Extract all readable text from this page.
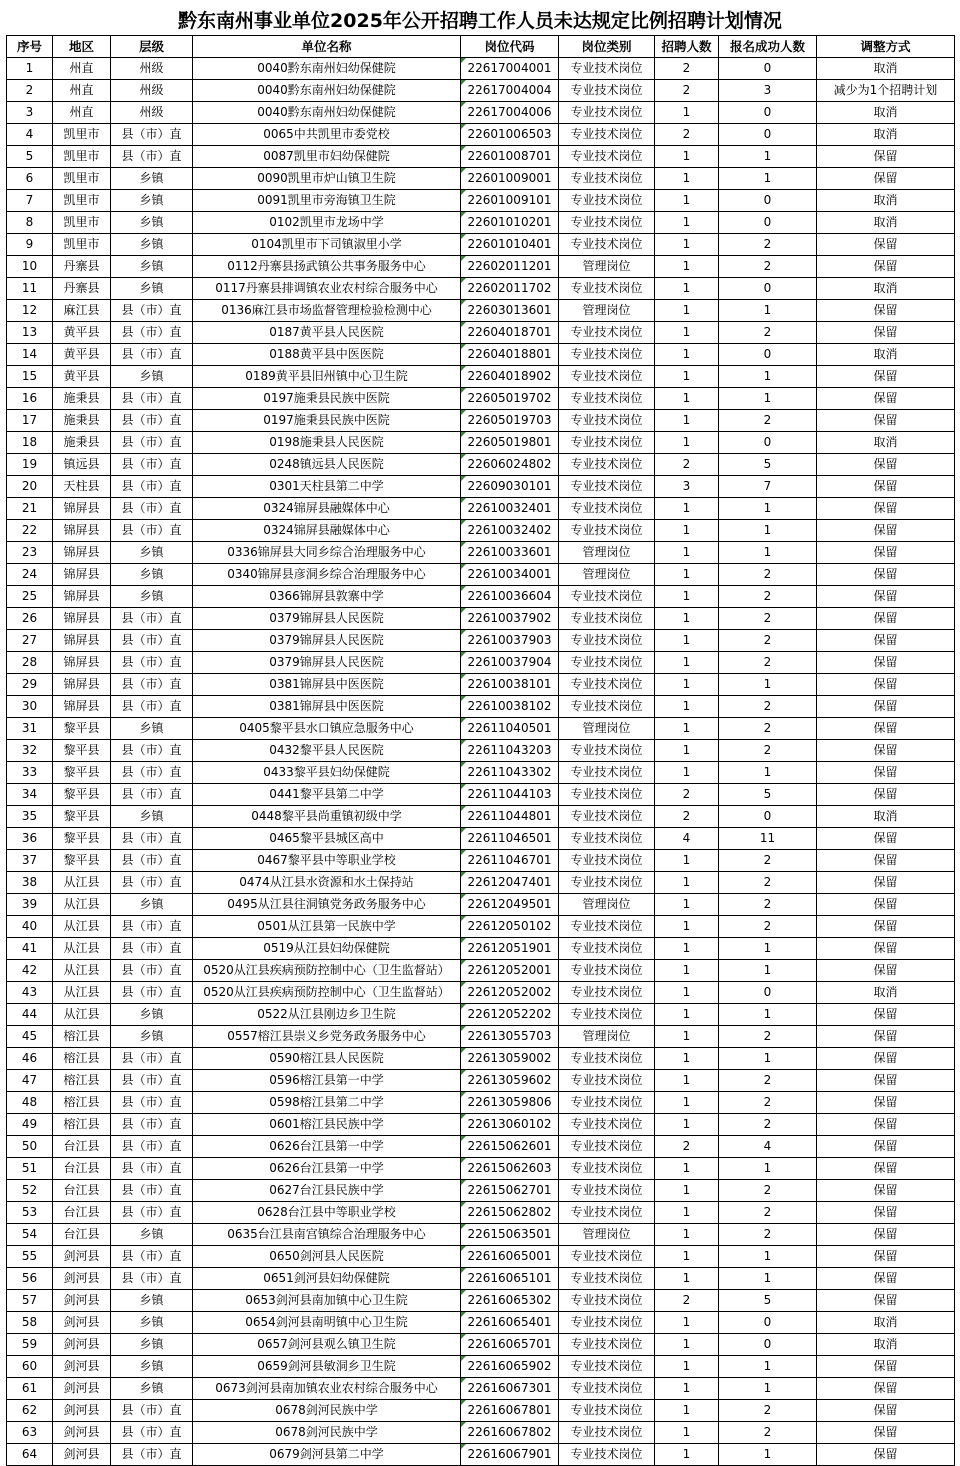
黔东南州事业单位2025年公开招聘工作人员未达规定比例招聘计划情况
序号	地区	层级	单位名称	岗位代码	岗位类别	招聘人数	报名成功人数	调整方式
1	州直	州级	0040黔东南州妇幼保健院	22617004001	专业技术岗位	2	0	取消
2	州直	州级	0040黔东南州妇幼保健院	22617004004	专业技术岗位	2	3	减少为1个招聘计划
3	州直	州级	0040黔东南州妇幼保健院	22617004006	专业技术岗位	1	0	取消
4	凯里市	县（市）直	0065中共凯里市委党校	22601006503	专业技术岗位	2	0	取消
5	凯里市	县（市）直	0087凯里市妇幼保健院	22601008701	专业技术岗位	1	1	保留
6	凯里市	乡镇	0090凯里市炉山镇卫生院	22601009001	专业技术岗位	1	1	保留
7	凯里市	乡镇	0091凯里市旁海镇卫生院	22601009101	专业技术岗位	1	0	取消
8	凯里市	乡镇	0102凯里市龙场中学	22601010201	专业技术岗位	1	0	取消
9	凯里市	乡镇	0104凯里市下司镇淑里小学	22601010401	专业技术岗位	1	2	保留
10	丹寨县	乡镇	0112丹寨县扬武镇公共事务服务中心	22602011201	管理岗位	1	2	保留
11	丹寨县	乡镇	0117丹寨县排调镇农业农村综合服务中心	22602011702	专业技术岗位	1	0	取消
12	麻江县	县（市）直	0136麻江县市场监督管理检验检测中心	22603013601	管理岗位	1	1	保留
13	黄平县	县（市）直	0187黄平县人民医院	22604018701	专业技术岗位	1	2	保留
14	黄平县	县（市）直	0188黄平县中医医院	22604018801	专业技术岗位	1	0	取消
15	黄平县	乡镇	0189黄平县旧州镇中心卫生院	22604018902	专业技术岗位	1	1	保留
16	施秉县	县（市）直	0197施秉县民族中医院	22605019702	专业技术岗位	1	1	保留
17	施秉县	县（市）直	0197施秉县民族中医院	22605019703	专业技术岗位	1	2	保留
18	施秉县	县（市）直	0198施秉县人民医院	22605019801	专业技术岗位	1	0	取消
19	镇远县	县（市）直	0248镇远县人民医院	22606024802	专业技术岗位	2	5	保留
20	天柱县	县（市）直	0301天柱县第二中学	22609030101	专业技术岗位	3	7	保留
21	锦屏县	县（市）直	0324锦屏县融媒体中心	22610032401	专业技术岗位	1	1	保留
22	锦屏县	县（市）直	0324锦屏县融媒体中心	22610032402	专业技术岗位	1	1	保留
23	锦屏县	乡镇	0336锦屏县大同乡综合治理服务中心	22610033601	管理岗位	1	1	保留
24	锦屏县	乡镇	0340锦屏县彦洞乡综合治理服务中心	22610034001	管理岗位	1	2	保留
25	锦屏县	乡镇	0366锦屏县敦寨中学	22610036604	专业技术岗位	1	2	保留
26	锦屏县	县（市）直	0379锦屏县人民医院	22610037902	专业技术岗位	1	2	保留
27	锦屏县	县（市）直	0379锦屏县人民医院	22610037903	专业技术岗位	1	2	保留
28	锦屏县	县（市）直	0379锦屏县人民医院	22610037904	专业技术岗位	1	2	保留
29	锦屏县	县（市）直	0381锦屏县中医医院	22610038101	专业技术岗位	1	1	保留
30	锦屏县	县（市）直	0381锦屏县中医医院	22610038102	专业技术岗位	1	2	保留
31	黎平县	乡镇	0405黎平县水口镇应急服务中心	22611040501	管理岗位	1	2	保留
32	黎平县	县（市）直	0432黎平县人民医院	22611043203	专业技术岗位	1	2	保留
33	黎平县	县（市）直	0433黎平县妇幼保健院	22611043302	专业技术岗位	1	1	保留
34	黎平县	县（市）直	0441黎平县第二中学	22611044103	专业技术岗位	2	5	保留
35	黎平县	乡镇	0448黎平县尚重镇初级中学	22611044801	专业技术岗位	2	0	取消
36	黎平县	县（市）直	0465黎平县城区高中	22611046501	专业技术岗位	4	11	保留
37	黎平县	县（市）直	0467黎平县中等职业学校	22611046701	专业技术岗位	1	2	保留
38	从江县	县（市）直	0474从江县水资源和水土保持站	22612047401	专业技术岗位	1	2	保留
39	从江县	乡镇	0495从江县往洞镇党务政务服务中心	22612049501	管理岗位	1	2	保留
40	从江县	县（市）直	0501从江县第一民族中学	22612050102	专业技术岗位	1	2	保留
41	从江县	县（市）直	0519从江县妇幼保健院	22612051901	专业技术岗位	1	1	保留
42	从江县	县（市）直	0520从江县疾病预防控制中心（卫生监督站）	22612052001	专业技术岗位	1	1	保留
43	从江县	县（市）直	0520从江县疾病预防控制中心（卫生监督站）	22612052002	专业技术岗位	1	0	取消
44	从江县	乡镇	0522从江县刚边乡卫生院	22612052202	专业技术岗位	1	1	保留
45	榕江县	乡镇	0557榕江县崇义乡党务政务服务中心	22613055703	管理岗位	1	2	保留
46	榕江县	县（市）直	0590榕江县人民医院	22613059002	专业技术岗位	1	1	保留
47	榕江县	县（市）直	0596榕江县第一中学	22613059602	专业技术岗位	1	2	保留
48	榕江县	县（市）直	0598榕江县第二中学	22613059806	专业技术岗位	1	2	保留
49	榕江县	县（市）直	0601榕江县民族中学	22613060102	专业技术岗位	1	2	保留
50	台江县	县（市）直	0626台江县第一中学	22615062601	专业技术岗位	2	4	保留
51	台江县	县（市）直	0626台江县第一中学	22615062603	专业技术岗位	1	1	保留
52	台江县	县（市）直	0627台江县民族中学	22615062701	专业技术岗位	1	2	保留
53	台江县	县（市）直	0628台江县中等职业学校	22615062802	专业技术岗位	1	2	保留
54	台江县	乡镇	0635台江县南宫镇综合治理服务中心	22615063501	管理岗位	1	2	保留
55	剑河县	县（市）直	0650剑河县人民医院	22616065001	专业技术岗位	1	1	保留
56	剑河县	县（市）直	0651剑河县妇幼保健院	22616065101	专业技术岗位	1	1	保留
57	剑河县	乡镇	0653剑河县南加镇中心卫生院	22616065302	专业技术岗位	2	5	保留
58	剑河县	乡镇	0654剑河县南明镇中心卫生院	22616065401	专业技术岗位	1	0	取消
59	剑河县	乡镇	0657剑河县观么镇卫生院	22616065701	专业技术岗位	1	0	取消
60	剑河县	乡镇	0659剑河县敏洞乡卫生院	22616065902	专业技术岗位	1	1	保留
61	剑河县	乡镇	0673剑河县南加镇农业农村综合服务中心	22616067301	专业技术岗位	1	1	保留
62	剑河县	县（市）直	0678剑河民族中学	22616067801	专业技术岗位	1	2	保留
63	剑河县	县（市）直	0678剑河民族中学	22616067802	专业技术岗位	1	2	保留
64	剑河县	县（市）直	0679剑河县第二中学	22616067901	专业技术岗位	1	1	保留
